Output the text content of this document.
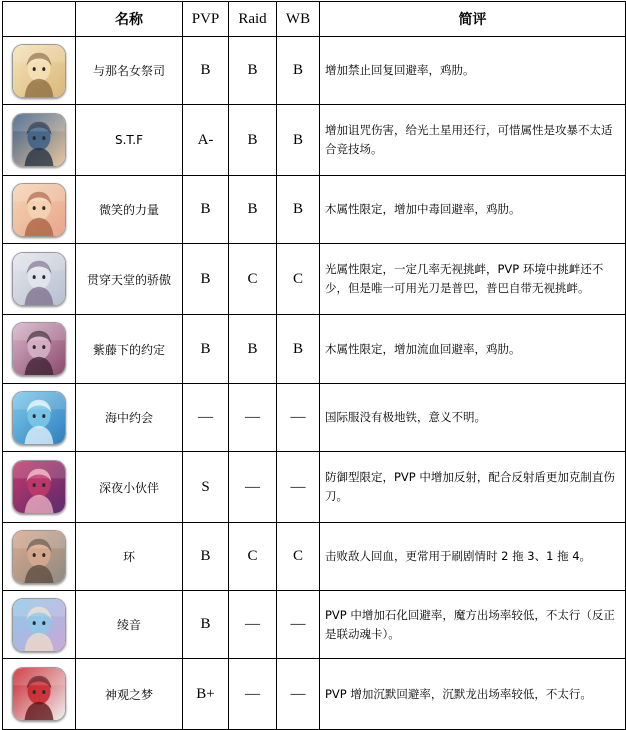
	名称	PVP	Raid	WB	简评

	与那名女祭司	B	B	B	增加禁止回复回避率，鸡肋。

	S.T.F	A-	B	B	增加诅咒伤害，给光土星用还行，可惜属性是攻暴不太适合竞技场。

	微笑的力量	B	B	B	木属性限定，增加中毒回避率，鸡肋。

	贯穿天堂的骄傲	B	C	C	光属性限定，一定几率无视挑衅，PVP 环境中挑衅还不少，但是唯一可用光刀是普巴，普巴自带无视挑衅。

	紫藤下的约定	B	B	B	木属性限定，增加流血回避率，鸡肋。

	海中约会	—	—	—	国际服没有极地铁，意义不明。

	深夜小伙伴	S	—	—	防御型限定，PVP 中增加反射，配合反射盾更加克制直伤刀。

	环	B	C	C	击败敌人回血，更常用于刷剧情时 2 拖 3、1 拖 4。

	绫音	B	—	—	PVP 中增加石化回避率，魔方出场率较低，不太行（反正是联动魂卡）。

	神观之梦	B+	—	—	PVP 增加沉默回避率，沉默龙出场率较低，不太行。
